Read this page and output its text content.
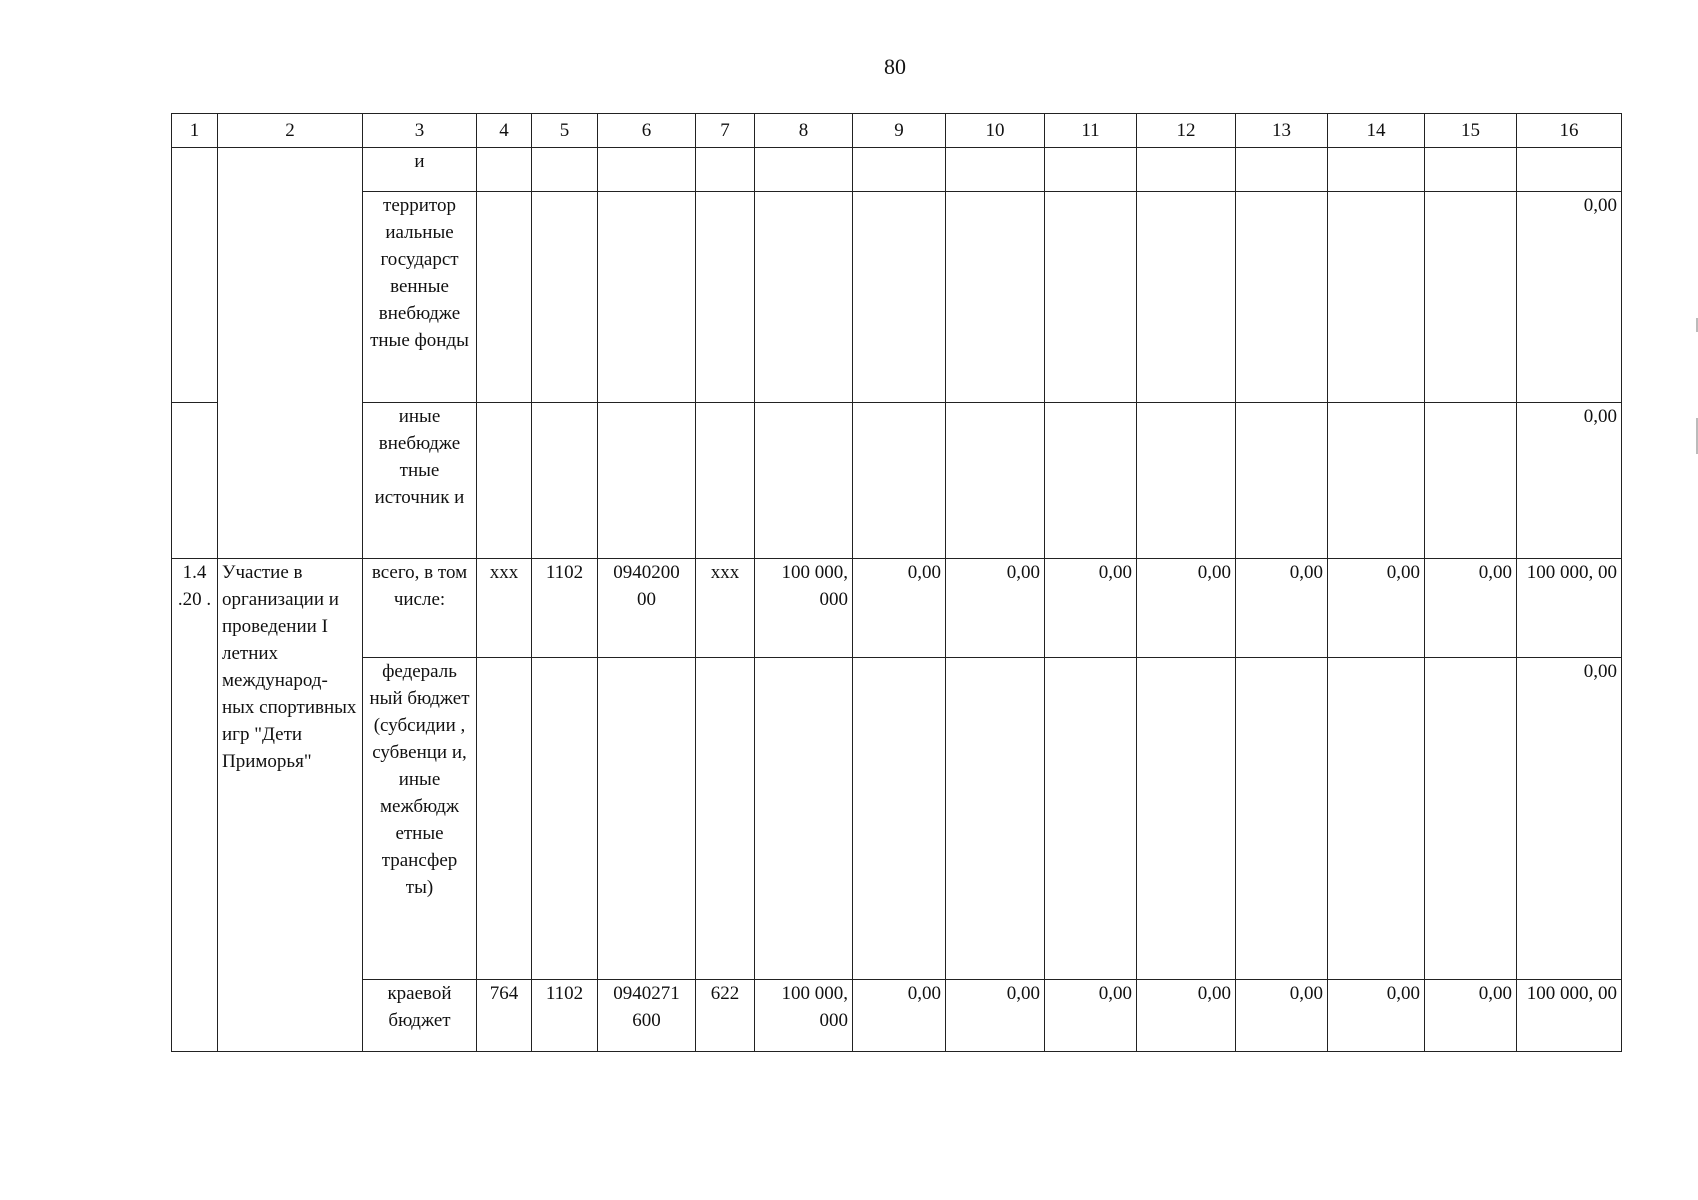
80
1	2	3	4	5	6	7	8	9	10	11	12	13	14	15	16
		и													
		территор иальные государст венные внебюдже тные фонды													0,00
		иные внебюдже тные источник и													0,00
1.4 .20 .	Участие в организации и проведении I летних международ-ных спортивных игр "Дети Приморья"	всего, в том числе:	ххх	1102	0940200 00	ххх	100 000, 000	0,00	0,00	0,00	0,00	0,00	0,00	0,00	100 000, 00
		федераль ный бюджет (субсидии , субвенци и, иные межбюдж етные трансфер ты)													0,00
		краевой бюджет	764	1102	0940271 600	622	100 000, 000	0,00	0,00	0,00	0,00	0,00	0,00	0,00	100 000, 00
